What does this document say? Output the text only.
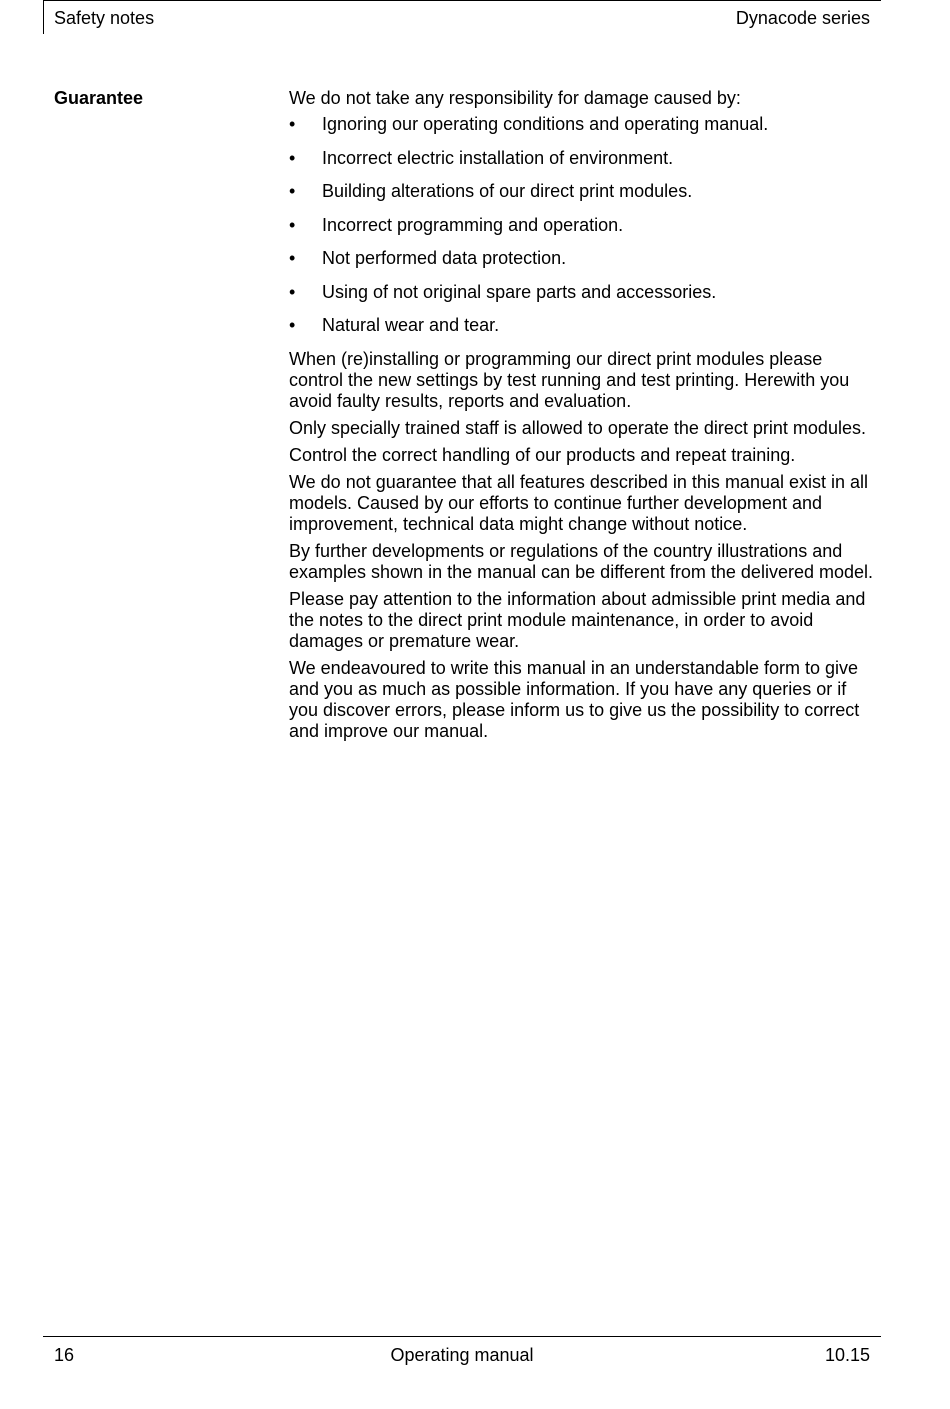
Safety notes	Dynacode series
Guarantee	We do not take any responsibility for damage caused by:

• Ignoring our operating conditions and operating manual.
• Incorrect electric installation of environment.
• Building alterations of our direct print modules.
• Incorrect programming and operation.
• Not performed data protection.
• Using of not original spare parts and accessories.
• Natural wear and tear.

When (re)installing or programming our direct print modules please control the new settings by test running and test printing. Herewith you avoid faulty results, reports and evaluation.

Only specially trained staff is allowed to operate the direct print modules.

Control the correct handling of our products and repeat training.

We do not guarantee that all features described in this manual exist in all models. Caused by our efforts to continue further development and improvement, technical data might change without notice.

By further developments or regulations of the country illustrations and examples shown in the manual can be different from the delivered model.

Please pay attention to the information about admissible print media and the notes to the direct print module maintenance, in order to avoid damages or premature wear.

We endeavoured to write this manual in an understandable form to give and you as much as possible information. If you have any queries or if you discover errors, please inform us to give us the possibility to correct and improve our manual.

16	Operating manual	10.15
